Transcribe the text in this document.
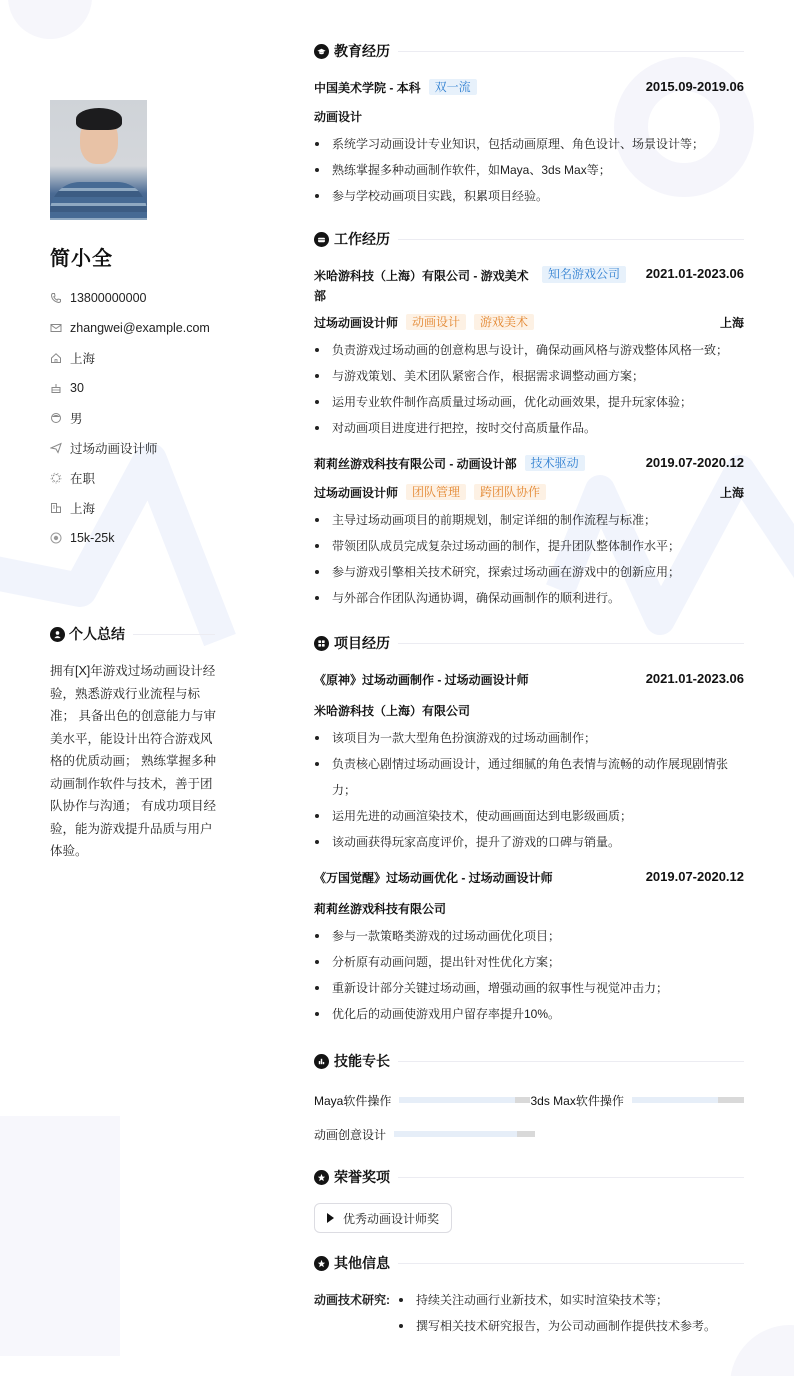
简小全
13800000000
zhangwei@example.com
上海
30
男
过场动画设计师
在职
上海
15k-25k
个人总结
拥有[X]年游戏过场动画设计经验，熟悉游戏行业流程与标准； 具备出色的创意能力与审美水平，能设计出符合游戏风格的优质动画； 熟练掌握多种动画制作软件与技术，善于团队协作与沟通； 有成功项目经验，能为游戏提升品质与用户体验。
教育经历
中国美术学院 - 本科 双一流	2015.09-2019.06
动画设计
系统学习动画设计专业知识，包括动画原理、角色设计、场景设计等；
熟练掌握多种动画制作软件，如Maya、3ds Max等；
参与学校动画项目实践，积累项目经验。
工作经历
米哈游科技（上海）有限公司 - 游戏美术部
知名游戏公司	2021.01-2023.06
过场动画设计师 动画设计 游戏美术	上海
负责游戏过场动画的创意构思与设计，确保动画风格与游戏整体风格一致；
与游戏策划、美术团队紧密合作，根据需求调整动画方案；
运用专业软件制作高质量过场动画，优化动画效果，提升玩家体验；
对动画项目进度进行把控，按时交付高质量作品。
莉莉丝游戏科技有限公司 - 动画设计部 技术驱动	2019.07-2020.12
过场动画设计师 团队管理 跨团队协作	上海
主导过场动画项目的前期规划，制定详细的制作流程与标准；
带领团队成员完成复杂过场动画的制作，提升团队整体制作水平；
参与游戏引擎相关技术研究，探索过场动画在游戏中的创新应用；
与外部合作团队沟通协调，确保动画制作的顺利进行。
项目经历
《原神》过场动画制作 - 过场动画设计师	2021.01-2023.06
米哈游科技（上海）有限公司
该项目为一款大型角色扮演游戏的过场动画制作；
负责核心剧情过场动画设计，通过细腻的角色表情与流畅的动作展现剧情张力；
运用先进的动画渲染技术，使动画画面达到电影级画质；
该动画获得玩家高度评价，提升了游戏的口碑与销量。
《万国觉醒》过场动画优化 - 过场动画设计师	2019.07-2020.12
莉莉丝游戏科技有限公司
参与一款策略类游戏的过场动画优化项目；
分析原有动画问题，提出针对性优化方案；
重新设计部分关键过场动画，增强动画的叙事性与视觉冲击力；
优化后的动画使游戏用户留存率提升10%。
技能专长
Maya软件操作	3ds Max软件操作
动画创意设计
荣誉奖项
优秀动画设计师奖
其他信息
动画技术研究:	持续关注动画行业新技术，如实时渲染技术等；
撰写相关技术研究报告，为公司动画制作提供技术参考。
